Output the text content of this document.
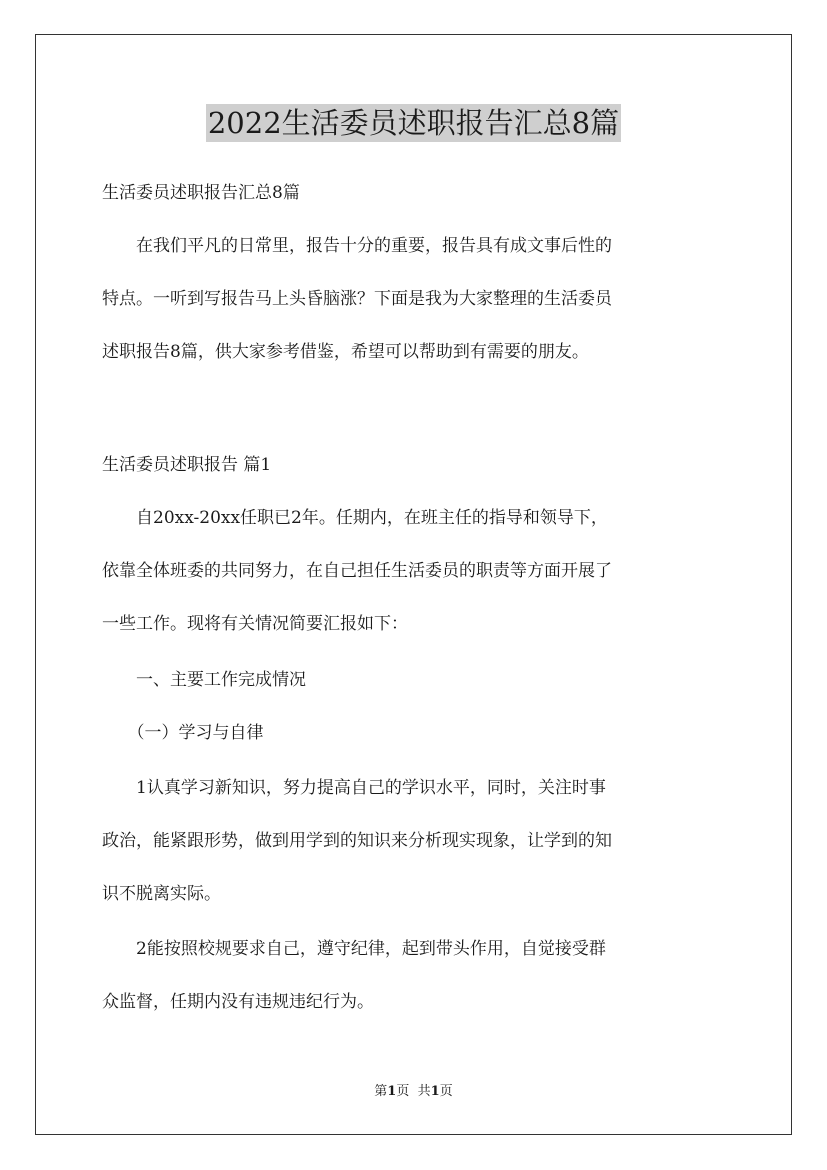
2022生活委员述职报告汇总8篇

生活委员述职报告汇总8篇

　　在我们平凡的日常里，报告十分的重要，报告具有成文事后性的
特点。一听到写报告马上头昏脑涨？下面是我为大家整理的生活委员
述职报告8篇，供大家参考借鉴，希望可以帮助到有需要的朋友。

生活委员述职报告 篇1

　　自20xx-20xx任职已2年。任期内，在班主任的指导和领导下，
依靠全体班委的共同努力，在自己担任生活委员的职责等方面开展了
一些工作。现将有关情况简要汇报如下：

　　一、主要工作完成情况

　　（一）学习与自律

　　1认真学习新知识，努力提高自己的学识水平，同时，关注时事
政治，能紧跟形势，做到用学到的知识来分析现实现象，让学到的知
识不脱离实际。

　　2能按照校规要求自己，遵守纪律，起到带头作用，自觉接受群
众监督，任期内没有违规违纪行为。

第1页 共1页
